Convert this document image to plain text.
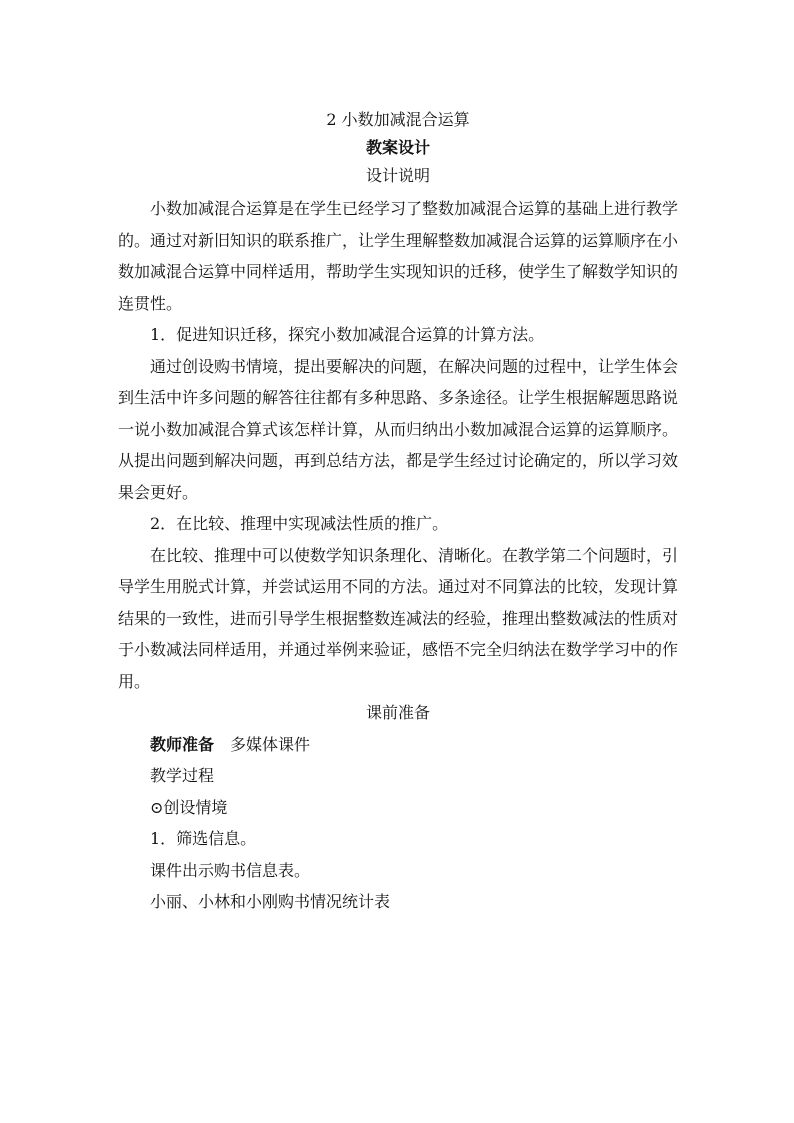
2 小数加减混合运算
教案设计
设计说明

小数加减混合运算是在学生已经学习了整数加减混合运算的基础上进行教学的。通过对新旧知识的联系推广，让学生理解整数加减混合运算的运算顺序在小数加减混合运算中同样适用，帮助学生实现知识的迁移，使学生了解数学知识的连贯性。

1．促进知识迁移，探究小数加减混合运算的计算方法。

通过创设购书情境，提出要解决的问题，在解决问题的过程中，让学生体会到生活中许多问题的解答往往都有多种思路、多条途径。让学生根据解题思路说一说小数加减混合算式该怎样计算，从而归纳出小数加减混合运算的运算顺序。从提出问题到解决问题，再到总结方法，都是学生经过讨论确定的，所以学习效果会更好。

2．在比较、推理中实现减法性质的推广。

在比较、推理中可以使数学知识条理化、清晰化。在教学第二个问题时，引导学生用脱式计算，并尝试运用不同的方法。通过对不同算法的比较，发现计算结果的一致性，进而引导学生根据整数连减法的经验，推理出整数减法的性质对于小数减法同样适用，并通过举例来验证，感悟不完全归纳法在数学学习中的作用。

课前准备
教师准备 多媒体课件
教学过程
⊙创设情境
1．筛选信息。
课件出示购书信息表。
小丽、小林和小刚购书情况统计表
